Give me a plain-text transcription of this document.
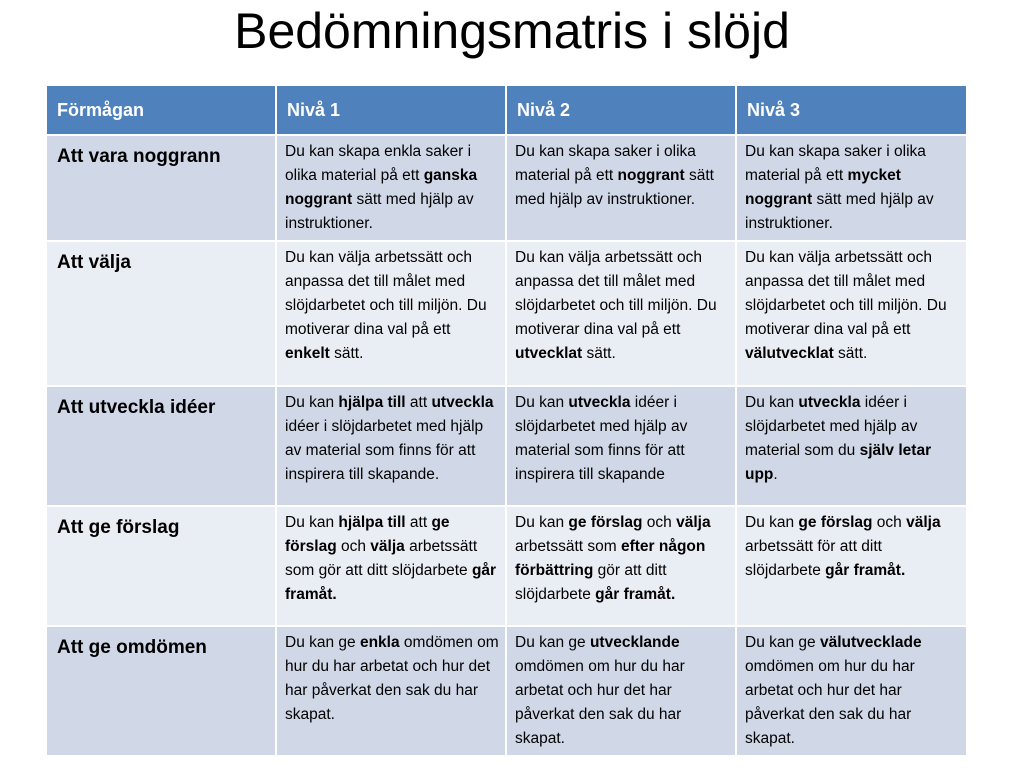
Bedömningsmatris i slöjd
Förmågan	Nivå 1	Nivå 2	Nivå 3
Att vara noggrann	Du kan skapa enkla saker i olika material på ett ganska noggrant sätt med hjälp av instruktioner.	Du kan skapa saker i olika material på ett noggrant sätt med hjälp av instruktioner.	Du kan skapa saker i olika material på ett mycket noggrant sätt med hjälp av instruktioner.
Att välja	Du kan välja arbetssätt och anpassa det till målet med slöjdarbetet och till miljön. Du motiverar dina val på ett enkelt sätt.	Du kan välja arbetssätt och anpassa det till målet med slöjdarbetet och till miljön. Du motiverar dina val på ett utvecklat sätt.	Du kan välja arbetssätt och anpassa det till målet med slöjdarbetet och till miljön. Du motiverar dina val på ett välutvecklat sätt.
Att utveckla idéer	Du kan hjälpa till att utveckla idéer i slöjdarbetet med hjälp av material som finns för att inspirera till skapande.	Du kan utveckla idéer i slöjdarbetet med hjälp av material som finns för att inspirera till skapande	Du kan utveckla idéer i slöjdarbetet med hjälp av material som du själv letar upp.
Att ge förslag	Du kan hjälpa till att ge förslag och välja arbetssätt som gör att ditt slöjdarbete går framåt.	Du kan ge förslag och välja arbetssätt som efter någon förbättring gör att ditt slöjdarbete går framåt.	Du kan ge förslag och välja arbetssätt för att ditt slöjdarbete går framåt.
Att ge omdömen	Du kan ge enkla omdömen om hur du har arbetat och hur det har påverkat den sak du har skapat.	Du kan ge utvecklande omdömen om hur du har arbetat och hur det har påverkat den sak du har skapat.	Du kan ge välutvecklade omdömen om hur du har arbetat och hur det har påverkat den sak du har skapat.
